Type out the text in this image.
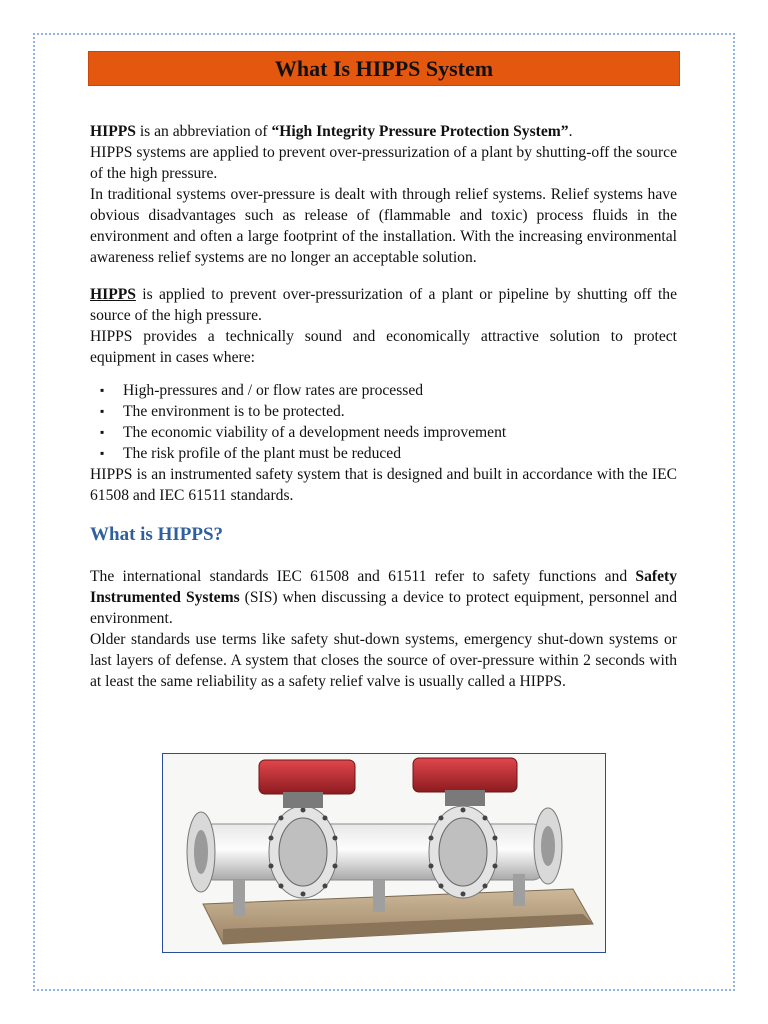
What Is HIPPS System

HIPPS is an abbreviation of “High Integrity Pressure Protection System”.

HIPPS systems are applied to prevent over-pressurization of a plant by shutting-off the source of the high pressure.

In traditional systems over-pressure is dealt with through relief systems. Relief systems have obvious disadvantages such as release of (flammable and toxic) process fluids in the environment and often a large footprint of the installation. With the increasing environmental awareness relief systems are no longer an acceptable solution.

HIPPS is applied to prevent over-pressurization of a plant or pipeline by shutting off the source of the high pressure.

HIPPS provides a technically sound and economically attractive solution to protect equipment in cases where:

▪ High-pressures and / or flow rates are processed
▪ The environment is to be protected.
▪ The economic viability of a development needs improvement
▪ The risk profile of the plant must be reduced

HIPPS is an instrumented safety system that is designed and built in accordance with the IEC 61508 and IEC 61511 standards.

What is HIPPS?

The international standards IEC 61508 and 61511 refer to safety functions and Safety Instrumented Systems (SIS) when discussing a device to protect equipment, personnel and environment.

Older standards use terms like safety shut-down systems, emergency shut-down systems or last layers of defense. A system that closes the source of over-pressure within 2 seconds with at least the same reliability as a safety relief valve is usually called a HIPPS.
